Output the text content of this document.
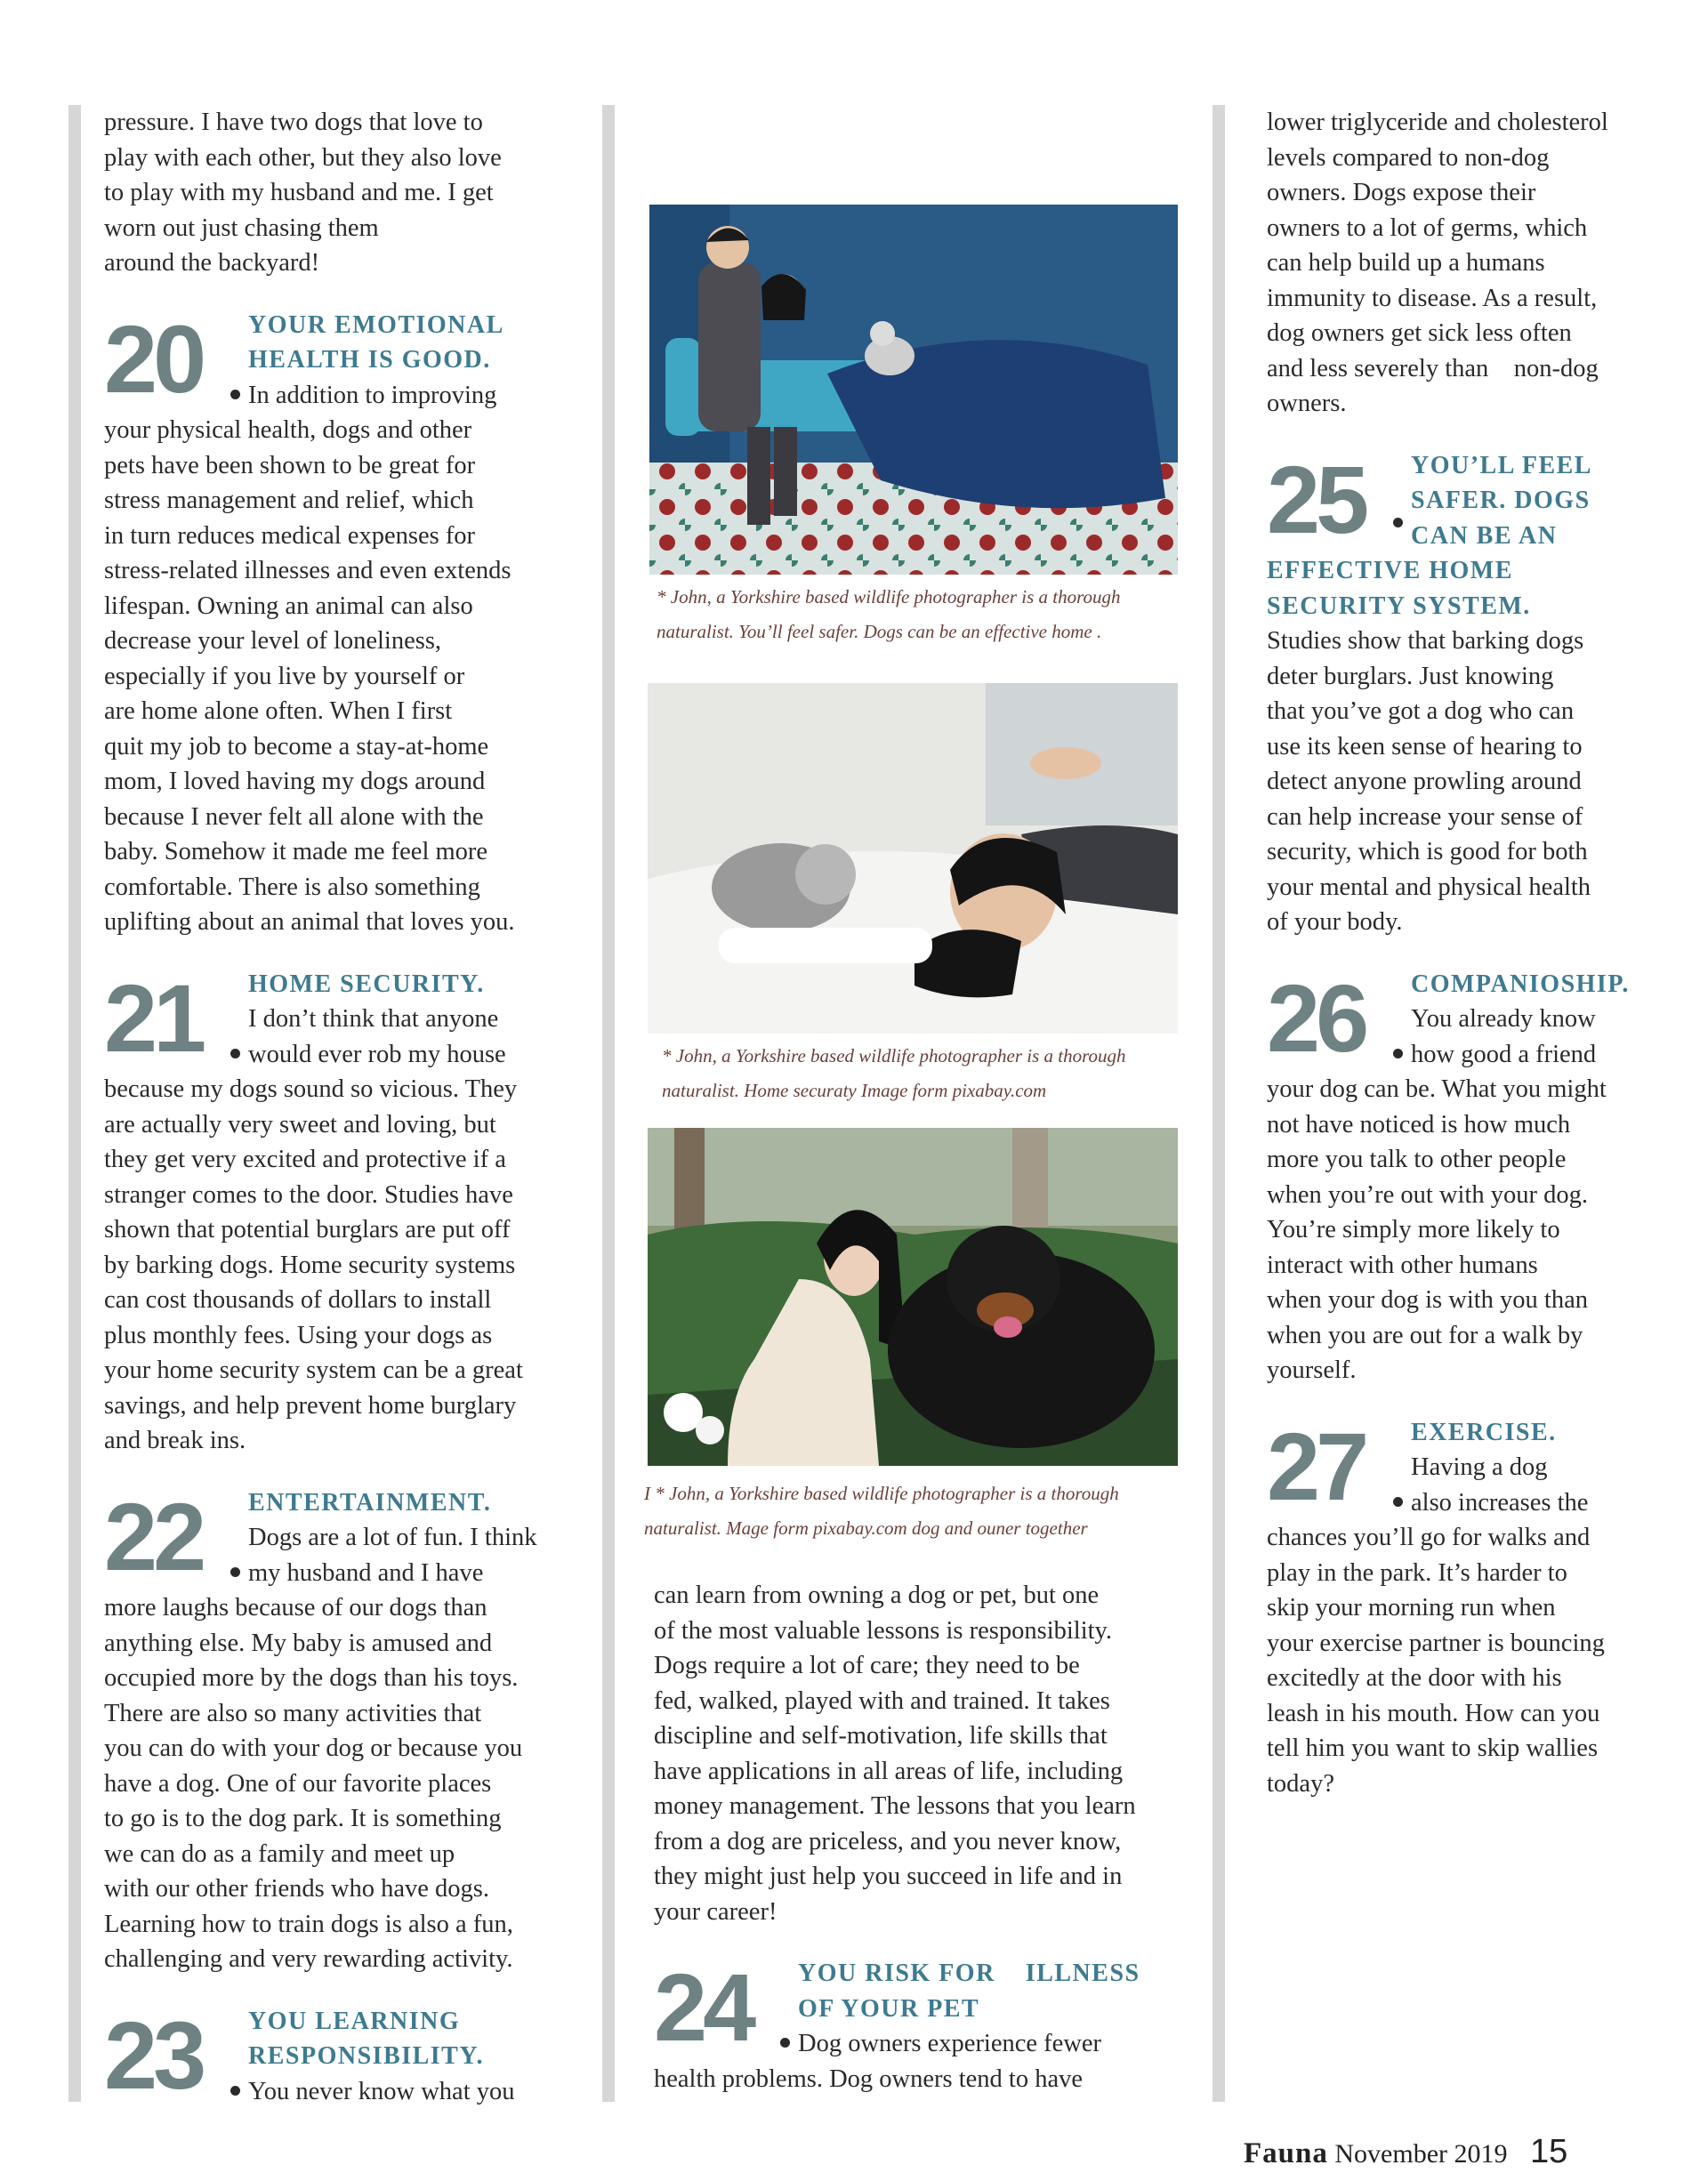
pressure. I have two dogs that love to

play with each other, but they also love

to play with my husband and me. I get

worn out just chasing them

around the backyard!

20 YOUR EMOTIONAL

HEALTH IS GOOD.

In addition to improving

your physical health, dogs and other

pets have been shown to be great for

stress management and relief, which

in turn reduces medical expenses for

stress-related illnesses and even extends

lifespan. Owning an animal can also

decrease your level of loneliness,

especially if you live by yourself or

are home alone often. When I first

quit my job to become a stay-at-home

mom, I loved having my dogs around

because I never felt all alone with the

baby. Somehow it made me feel more

comfortable. There is also something

uplifting about an animal that loves you.

21 HOME SECURITY.

I don’t think that anyone

would ever rob my house

because my dogs sound so vicious. They

are actually very sweet and loving, but

they get very excited and protective if a

stranger comes to the door. Studies have

shown that potential burglars are put off

by barking dogs. Home security systems

can cost thousands of dollars to install

plus monthly fees. Using your dogs as

your home security system can be a great

savings, and help prevent home burglary

and break ins.

22 ENTERTAINMENT.

Dogs are a lot of fun. I think

my husband and I have

more laughs because of our dogs than

anything else. My baby is amused and

occupied more by the dogs than his toys.

There are also so many activities that

you can do with your dog or because you

have a dog. One of our favorite places

to go is to the dog park. It is something

we can do as a family and meet up

with our other friends who have dogs.

Learning how to train dogs is also a fun,

challenging and very rewarding activity.

23 YOU LEARNING

RESPONSIBILITY.

You never know what you

* John, a Yorkshire based wildlife photographer is a thorough
naturalist. You’ll feel safer. Dogs can be an effective home .
* John, a Yorkshire based wildlife photographer is a thorough
naturalist. Home securaty Image form pixabay.com
I * John, a Yorkshire based wildlife photographer is a thorough
naturalist. Mage form pixabay.com dog and ouner together

can learn from owning a dog or pet, but one

of the most valuable lessons is responsibility.

Dogs require a lot of care; they need to be

fed, walked, played with and trained. It takes

discipline and self-motivation, life skills that

have applications in all areas of life, including

money management. The lessons that you learn

from a dog are priceless, and you never know,

they might just help you succeed in life and in

your career!

24 YOU RISK FOR    ILLNESS

OF YOUR PET

Dog owners experience fewer

health problems. Dog owners tend to have

lower triglyceride and cholesterol

levels compared to non-dog

owners. Dogs expose their

owners to a lot of germs, which

can help build up a humans

immunity to disease. As a result,

dog owners get sick less often

and less severely than    non-dog

owners.

25 YOU’LL FEEL

SAFER. DOGS

CAN BE AN

EFFECTIVE HOME

SECURITY SYSTEM.

Studies show that barking dogs

deter burglars. Just knowing

that you’ve got a dog who can

use its keen sense of hearing to

detect anyone prowling around

can help increase your sense of

security, which is good for both

your mental and physical health

of your body.

26 COMPANIOSHIP.

You already know

how good a friend

your dog can be. What you might

not have noticed is how much

more you talk to other people

when you’re out with your dog.

You’re simply more likely to

interact with other humans

when your dog is with you than

when you are out for a walk by

yourself.

27 EXERCISE.

Having a dog

also increases the

chances you’ll go for walks and

play in the park. It’s harder to

skip your morning run when

your exercise partner is bouncing

excitedly at the door with his

leash in his mouth. How can you

tell him you want to skip wallies

today?

Fauna November 2019 15
